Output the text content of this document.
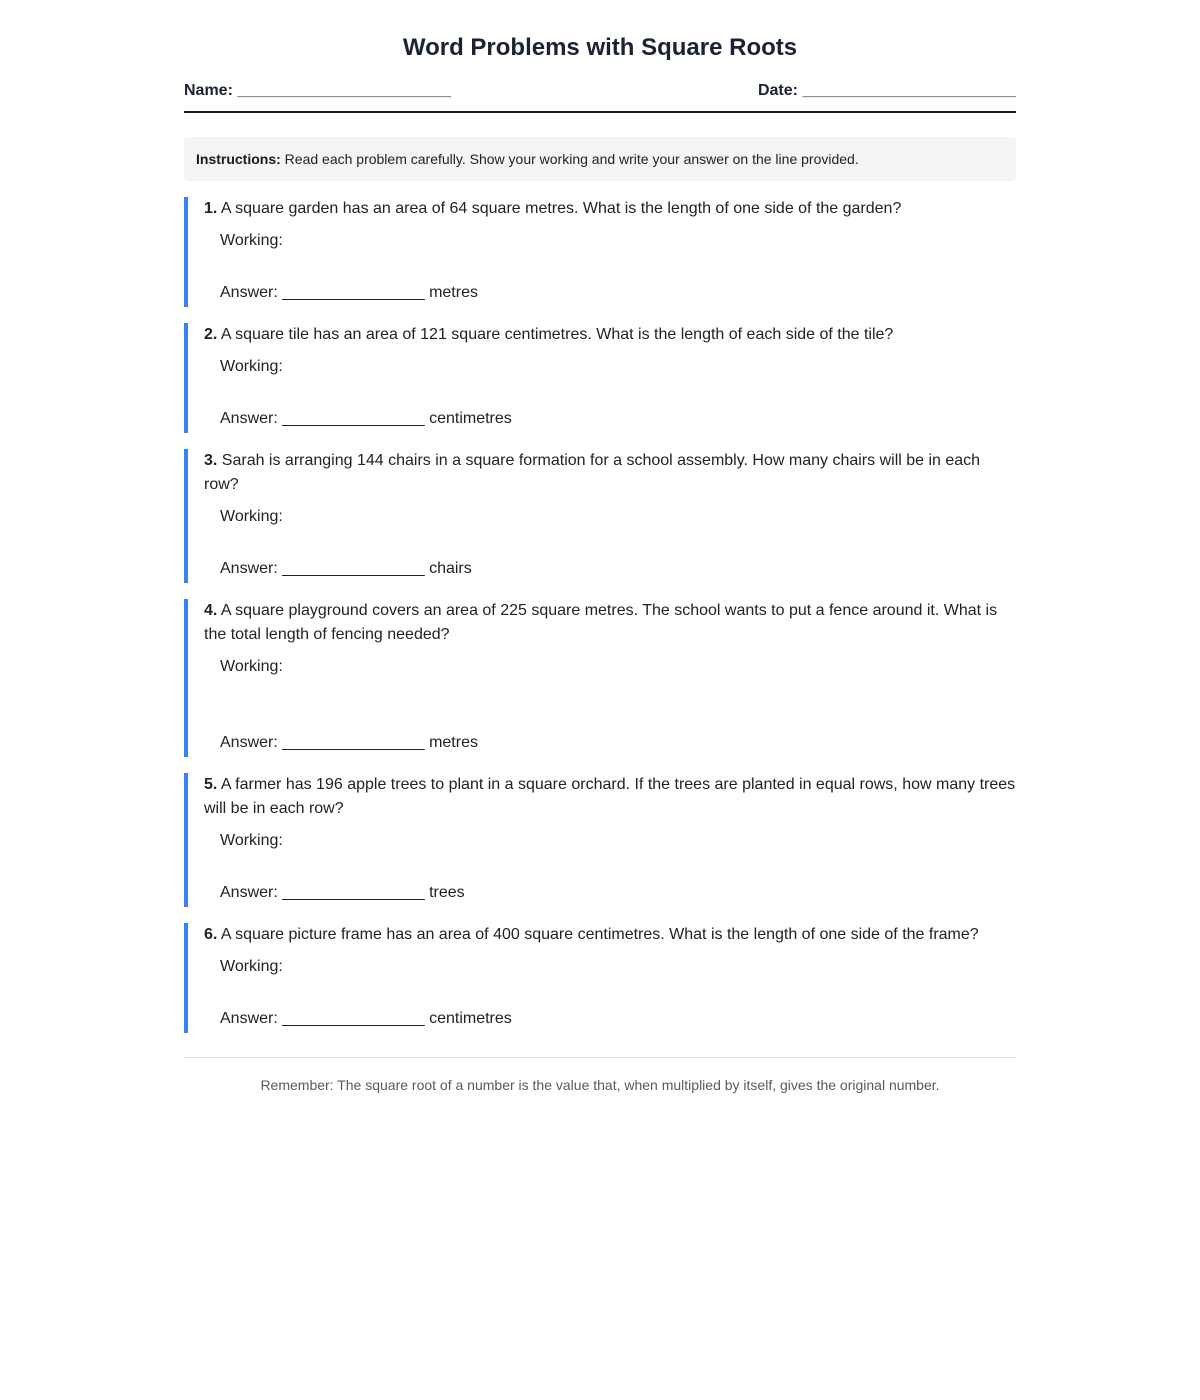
Word Problems with Square Roots
Name: ________________________	Date: ________________________
Instructions: Read each problem carefully. Show your working and write your answer on the line provided.

1. A square garden has an area of 64 square metres. What is the length of one side of the garden?

Working:
Answer: ________________ metres

2. A square tile has an area of 121 square centimetres. What is the length of each side of the tile?

Working:
Answer: ________________ centimetres

3. Sarah is arranging 144 chairs in a square formation for a school assembly. How many chairs will be in each row?

Working:
Answer: ________________ chairs

4. A square playground covers an area of 225 square metres. The school wants to put a fence around it. What is the total length of fencing needed?

Working:
Answer: ________________ metres

5. A farmer has 196 apple trees to plant in a square orchard. If the trees are planted in equal rows, how many trees will be in each row?

Working:
Answer: ________________ trees

6. A square picture frame has an area of 400 square centimetres. What is the length of one side of the frame?

Working:
Answer: ________________ centimetres
Remember: The square root of a number is the value that, when multiplied by itself, gives the original number.
